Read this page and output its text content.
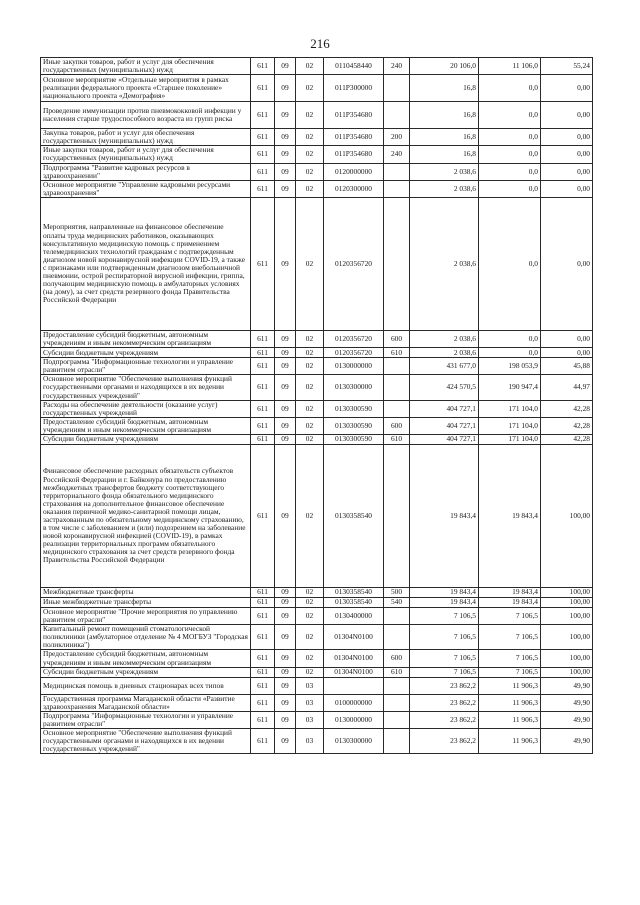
216
Иные закупки товаров, работ и услуг для обеспечения государственных (муниципальных) нужд	611	09	02	0110458440	240	20 106,0	11 106,0	55,24
Основное мероприятие «Отдельные мероприятия в рамках реализации федерального проекта «Старшее поколение» национального проекта «Демография»	611	09	02	011P300000		16,8	0,0	0,00
Проведение иммунизации против пневмококковой инфекции у населения старше трудоспособного возраста из групп риска	611	09	02	011P354680		16,8	0,0	0,00
Закупка товаров, работ и услуг для обеспечения государственных (муниципальных) нужд	611	09	02	011P354680	200	16,8	0,0	0,00
Иные закупки товаров, работ и услуг для обеспечения государственных (муниципальных) нужд	611	09	02	011P354680	240	16,8	0,0	0,00
Подпрограмма "Развитие кадровых ресурсов в здравоохранении"	611	09	02	0120000000		2 038,6	0,0	0,00
Основное мероприятие "Управление кадровыми ресурсами здравоохранения"	611	09	02	0120300000		2 038,6	0,0	0,00
Мероприятия, направленные на финансовое обеспечение оплаты труда медицинских работников, оказывающих консультативную медицинскую помощь с применением телемедицинских технологий гражданам с подтвержденным диагнозом новой коронавирусной инфекции COVID-19, а также с признаками или подтвержденным диагнозом внебольничной пневмонии, острой респираторной вирусной инфекции, гриппа, получающим медицинскую помощь в амбулаторных условиях (на дому), за счет средств резервного фонда Правительства Российской Федерации	611	09	02	0120356720		2 038,6	0,0	0,00
Предоставление субсидий бюджетным, автономным учреждениям и иным некоммерческим организациям	611	09	02	0120356720	600	2 038,6	0,0	0,00
Субсидии бюджетным учреждениям	611	09	02	0120356720	610	2 038,6	0,0	0,00
Подпрограмма "Информационные технологии и управление развитием отрасли"	611	09	02	0130000000		431 677,0	198 053,9	45,88
Основное мероприятие "Обеспечение выполнения функций государственными органами и находящихся в их ведении государственных учреждений"	611	09	02	0130300000		424 570,5	190 947,4	44,97
Расходы на обеспечение деятельности (оказание услуг) государственных учреждений	611	09	02	0130300590		404 727,1	171 104,0	42,28
Предоставление субсидий бюджетным, автономным учреждениям и иным некоммерческим организациям	611	09	02	0130300590	600	404 727,1	171 104,0	42,28
Субсидии бюджетным учреждениям	611	09	02	0130300590	610	404 727,1	171 104,0	42,28
Финансовое обеспечение расходных обязательств субъектов Российской Федерации и г. Байконура по предоставлению межбюджетных трансфертов бюджету соответствующего территориального фонда обязательного медицинского страхования на дополнительное финансовое обеспечение оказания первичной медико-санитарной помощи лицам, застрахованным по обязательному медицинскому страхованию, в том числе с заболеванием и (или) подозрением на заболевание новой коронавирусной инфекцией (COVID-19), в рамках реализации территориальных программ обязательного медицинского страхования за счет средств резервного фонда Правительства Российской Федерации	611	09	02	0130358540		19 843,4	19 843,4	100,00
Межбюджетные трансферты	611	09	02	0130358540	500	19 843,4	19 843,4	100,00
Иные межбюджетные трансферты	611	09	02	0130358540	540	19 843,4	19 843,4	100,00
Основное мероприятие "Прочие мероприятия по управлению развитием отрасли"	611	09	02	0130400000		7 106,5	7 106,5	100,00
Капитальный ремонт помещений стоматологической поликлиники (амбулаторное отделение № 4 МОГБУЗ "Городская поликлиника")	611	09	02	01304N0100		7 106,5	7 106,5	100,00
Предоставление субсидий бюджетным, автономным учреждениям и иным некоммерческим организациям	611	09	02	01304N0100	600	7 106,5	7 106,5	100,00
Субсидии бюджетным учреждениям	611	09	02	01304N0100	610	7 106,5	7 106,5	100,00
Медицинская помощь в дневных стационарах всех типов	611	09	03			23 862,2	11 906,3	49,90
Государственная программа Магаданской области «Развитие здравоохранения Магаданской области»	611	09	03	0100000000		23 862,2	11 906,3	49,90
Подпрограмма "Информационные технологии и управление развитием отрасли"	611	09	03	0130000000		23 862,2	11 906,3	49,90
Основное мероприятие "Обеспечение выполнения функций государственными органами и находящихся в их ведении государственных учреждений"	611	09	03	0130300000		23 862,2	11 906,3	49,90
